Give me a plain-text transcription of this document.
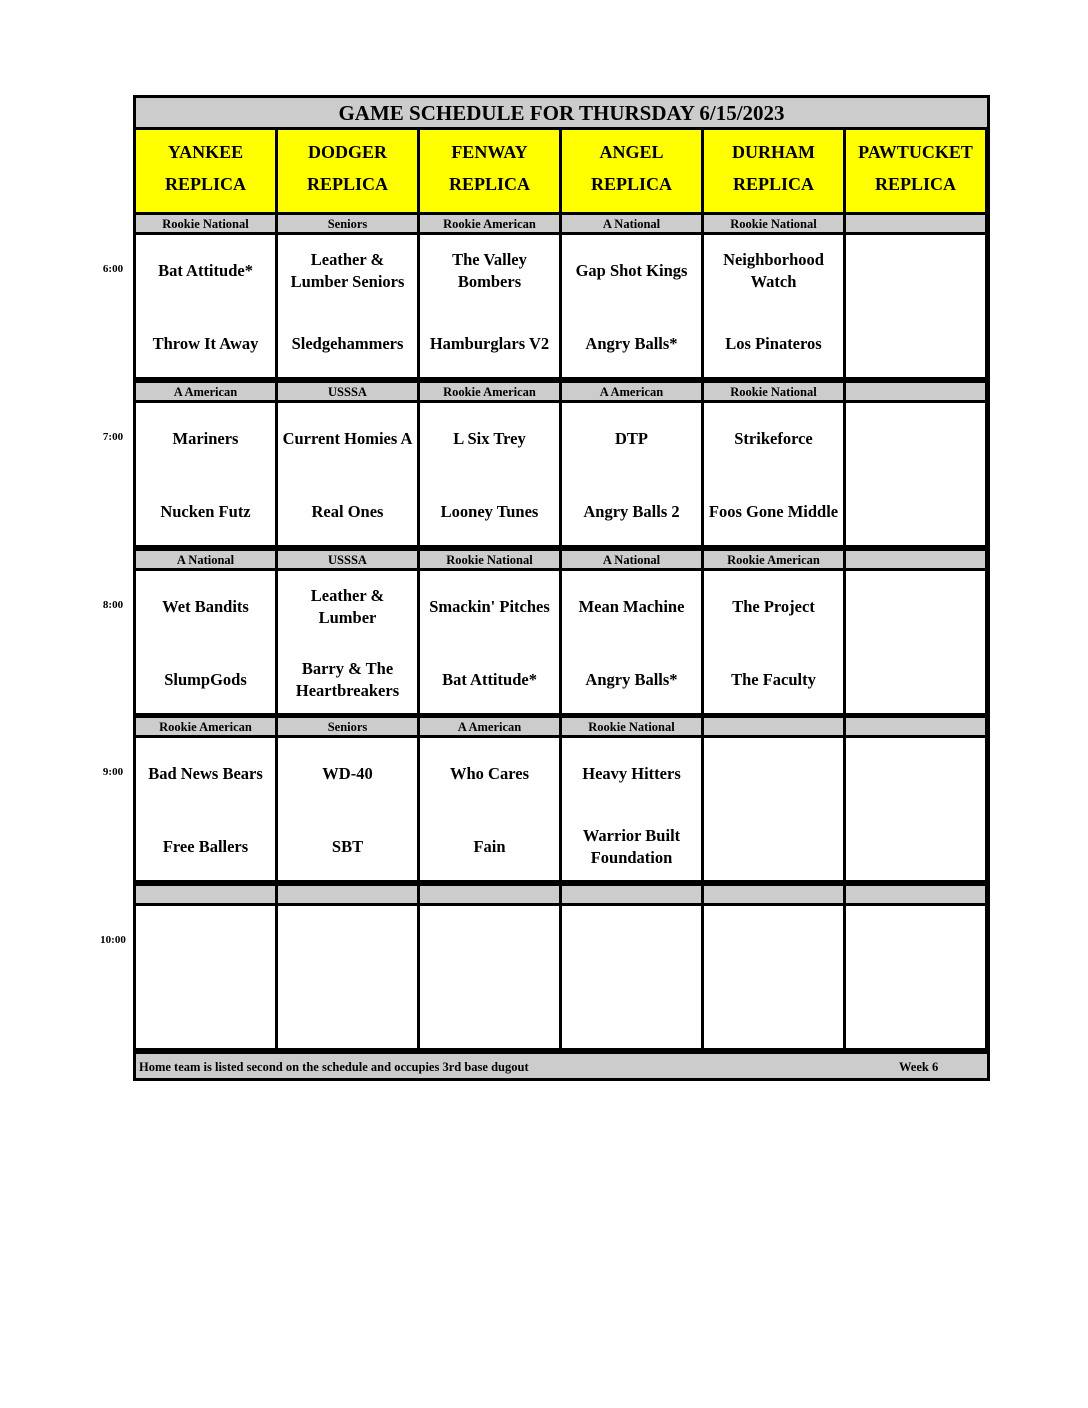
GAME SCHEDULE FOR THURSDAY 6/15/2023
YANKEE
REPLICA
DODGER
REPLICA
FENWAY
REPLICA
ANGEL
REPLICA
DURHAM
REPLICA
PAWTUCKET
REPLICA
Rookie National
Bat Attitude*
Throw It Away
Seniors
Leather & Lumber Seniors
Sledgehammers
Rookie American
The Valley Bombers
Hamburglars V2
A National
Gap Shot Kings
Angry Balls*
Rookie National
Neighborhood Watch
Los Pinateros
A American
Mariners
Nucken Futz
USSSA
Current Homies A
Real Ones
Rookie American
L Six Trey
Looney Tunes
A American
DTP
Angry Balls 2
Rookie National
Strikeforce
Foos Gone Middle
A National
Wet Bandits
SlumpGods
USSSA
Leather & Lumber
Barry & The Heartbreakers
Rookie National
Smackin' Pitches
Bat Attitude*
A National
Mean Machine
Angry Balls*
Rookie American
The Project
The Faculty
Rookie American
Bad News Bears
Free Ballers
Seniors
WD-40
SBT
A American
Who Cares
Fain
Rookie National
Heavy Hitters
Warrior Built Foundation
Home team is listed second on the schedule and occupies 3rd base dugout	Week 6
6:00
7:00
8:00
9:00
10:00
